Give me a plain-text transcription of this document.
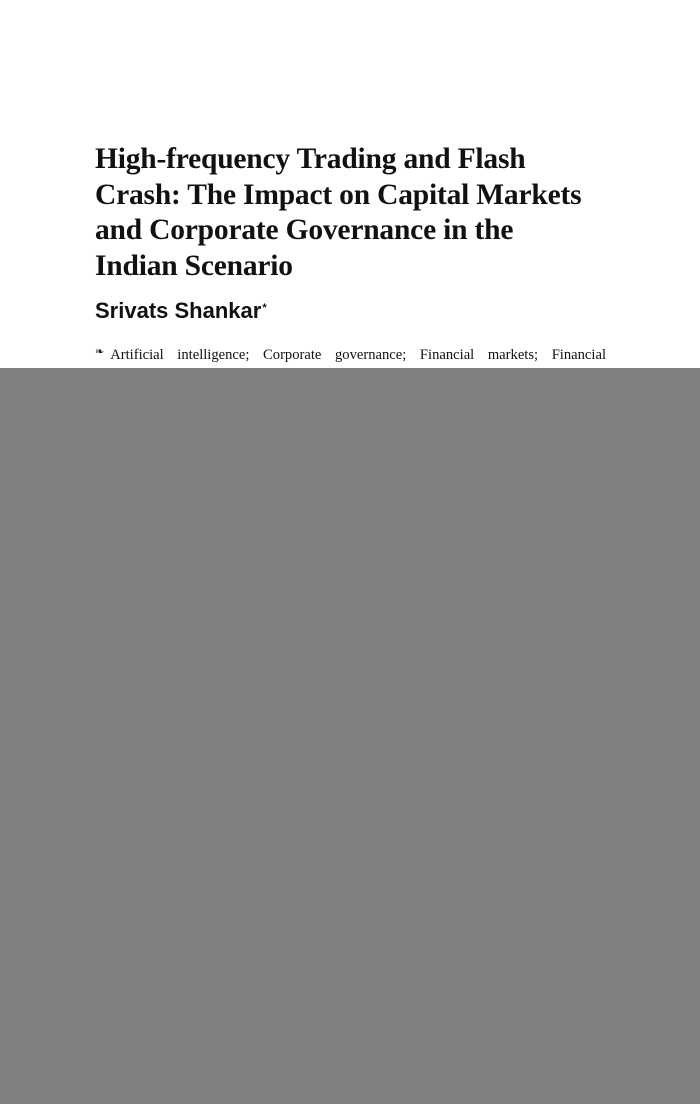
High-frequency Trading and Flash
Crash: The Impact on Capital Markets
and Corporate Governance in the
Indian Scenario
Srivats Shankar*
❧ Artificial intelligence; Corporate governance; Financial markets; Financial
